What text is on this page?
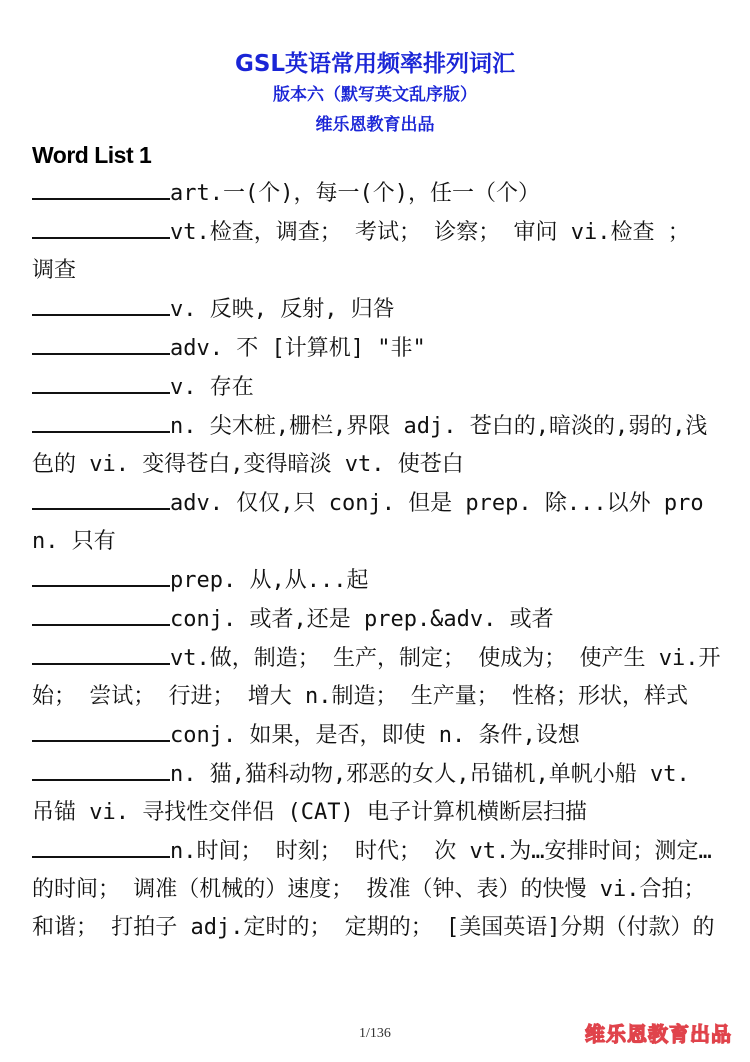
GSL英语常用频率排列词汇
版本六（默写英文乱序版）
维乐恩教育出品
Word List 1
art.一(个)，每一(个)，任一（个）
vt.检查，调查； 考试； 诊察； 审问 vi.检查 ； 调查
v. 反映, 反射, 归咎
adv. 不 [计算机] "非"
v. 存在
n. 尖木桩,栅栏,界限 adj. 苍白的,暗淡的,弱的,浅色的 vi. 变得苍白,变得暗淡 vt. 使苍白
adv. 仅仅,只 conj. 但是 prep. 除...以外 pron. 只有
prep. 从,从...起
conj. 或者,还是 prep.&adv. 或者
vt.做，制造； 生产，制定； 使成为； 使产生 vi.开始； 尝试； 行进； 增大 n.制造； 生产量； 性格；形状，样式
conj. 如果，是否，即使 n. 条件,设想
n. 猫,猫科动物,邪恶的女人,吊锚机,单帆小船 vt. 吊锚 vi. 寻找性交伴侣 (CAT) 电子计算机横断层扫描
n.时间； 时刻； 时代； 次 vt.为…安排时间；测定…的时间； 调准（机械的）速度； 拨准（钟、表）的快慢 vi.合拍； 和谐； 打拍子 adj.定时的； 定期的； [美国英语]分期（付款）的
1/136	维乐恩教育出品
